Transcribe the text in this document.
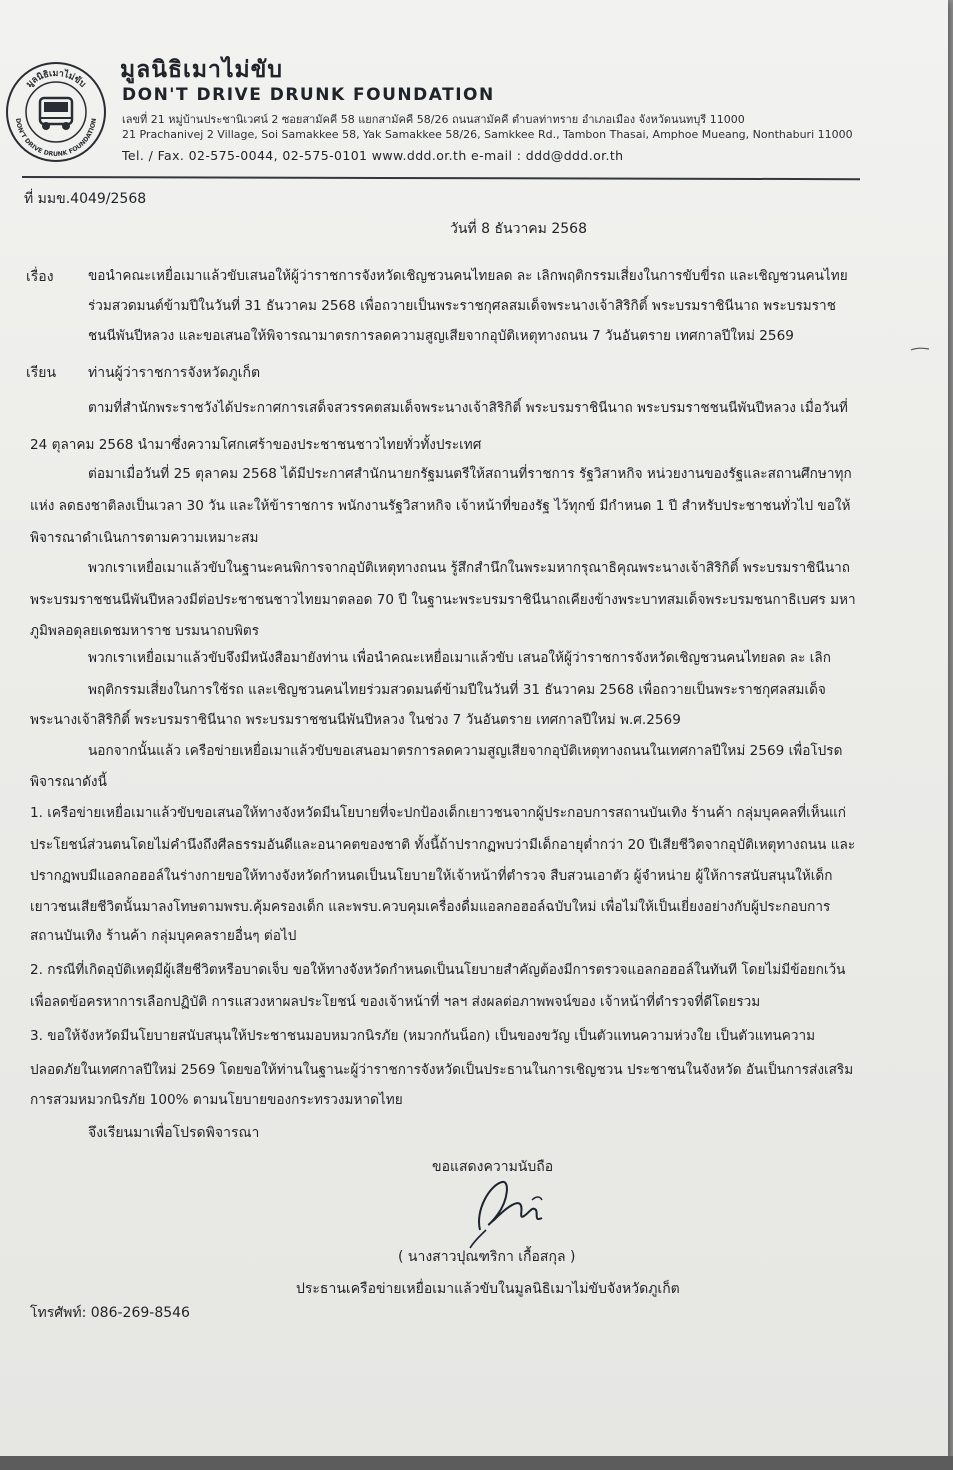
มูลนิธิเมาไม่ขับ
DON'T DRIVE DRUNK FOUNDATION
มูลนิธิเมาไม่ขับ
DON'T DRIVE DRUNK FOUNDATION
เลขที่ 21 หมู่บ้านประชานิเวศน์ 2 ซอยสามัคคี 58 แยกสามัคคี 58/26 ถนนสามัคคี ตำบลท่าทราย อำเภอเมือง จังหวัดนนทบุรี 11000
21 Prachanivej 2 Village, Soi Samakkee 58, Yak Samakkee 58/26, Samkkee Rd., Tambon Thasai, Amphoe Mueang, Nonthaburi 11000
Tel. / Fax. 02-575-0044, 02-575-0101 www.ddd.or.th e-mail : ddd@ddd.or.th
ที่ มมข.4049/2568
วันที่ 8 ธันวาคม 2568
เรื่อง	ขอนำคณะเหยื่อเมาแล้วขับเสนอให้ผู้ว่าราชการจังหวัดเชิญชวนคนไทยลด ละ เลิกพฤติกรรมเสี่ยงในการขับขี่รถ และเชิญชวนคนไทย
ร่วมสวดมนต์ข้ามปีในวันที่ 31 ธันวาคม 2568 เพื่อถวายเป็นพระราชกุศลสมเด็จพระนางเจ้าสิริกิติ์ พระบรมราชินีนาถ พระบรมราช
ชนนีพันปีหลวง และขอเสนอให้พิจารณามาตรการลดความสูญเสียจากอุบัติเหตุทางถนน 7 วันอันตราย เทศกาลปีใหม่ 2569
เรียน ท่านผู้ว่าราชการจังหวัดภูเก็ต
ตามที่สำนักพระราชวังได้ประกาศการเสด็จสวรรคตสมเด็จพระนางเจ้าสิริกิติ์ พระบรมราชินีนาถ พระบรมราชชนนีพันปีหลวง เมื่อวันที่
24 ตุลาคม 2568 นำมาซึ่งความโศกเศร้าของประชาชนชาวไทยทั่วทั้งประเทศ
ต่อมาเมื่อวันที่ 25 ตุลาคม 2568 ได้มีประกาศสำนักนายกรัฐมนตรีให้สถานที่ราชการ รัฐวิสาหกิจ หน่วยงานของรัฐและสถานศึกษาทุก
แห่ง ลดธงชาติลงเป็นเวลา 30 วัน และให้ข้าราชการ พนักงานรัฐวิสาหกิจ เจ้าหน้าที่ของรัฐ ไว้ทุกข์ มีกำหนด 1 ปี สำหรับประชาชนทั่วไป ขอให้
พิจารณาดำเนินการตามความเหมาะสม
พวกเราเหยื่อเมาแล้วขับในฐานะคนพิการจากอุบัติเหตุทางถนน รู้สึกสำนึกในพระมหากรุณาธิคุณพระนางเจ้าสิริกิติ์ พระบรมราชินีนาถ
พระบรมราชชนนีพันปีหลวงมีต่อประชาชนชาวไทยมาตลอด 70 ปี ในฐานะพระบรมราชินีนาถเคียงข้างพระบาทสมเด็จพระบรมชนกาธิเบศร มหา
ภูมิพลอดุลยเดชมหาราช บรมนาถบพิตร
พวกเราเหยื่อเมาแล้วขับจึงมีหนังสือมายังท่าน เพื่อนำคณะเหยื่อเมาแล้วขับ เสนอให้ผู้ว่าราชการจังหวัดเชิญชวนคนไทยลด ละ เลิก
พฤติกรรมเสี่ยงในการใช้รถ และเชิญชวนคนไทยร่วมสวดมนต์ข้ามปีในวันที่ 31 ธันวาคม 2568 เพื่อถวายเป็นพระราชกุศลสมเด็จ
พระนางเจ้าสิริกิติ์ พระบรมราชินีนาถ พระบรมราชชนนีพันปีหลวง ในช่วง 7 วันอันตราย เทศกาลปีใหม่ พ.ศ.2569
นอกจากนั้นแล้ว เครือข่ายเหยื่อเมาแล้วขับขอเสนอมาตรการลดความสูญเสียจากอุบัติเหตุทางถนนในเทศกาลปีใหม่ 2569 เพื่อโปรด
พิจารณาดังนี้
1. เครือข่ายเหยื่อเมาแล้วขับขอเสนอให้ทางจังหวัดมีนโยบายที่จะปกป้องเด็กเยาวชนจากผู้ประกอบการสถานบันเทิง ร้านค้า กลุ่มบุคคลที่เห็นแก่
ประโยชน์ส่วนตนโดยไม่คำนึงถึงศีลธรรมอันดีและอนาคตของชาติ ทั้งนี้ถ้าปรากฏพบว่ามีเด็กอายุต่ำกว่า 20 ปีเสียชีวิตจากอุบัติเหตุทางถนน และ
ปรากฏพบมีแอลกอฮอล์ในร่างกายขอให้ทางจังหวัดกำหนดเป็นนโยบายให้เจ้าหน้าที่ตำรวจ สืบสวนเอาตัว ผู้จำหน่าย ผู้ให้การสนับสนุนให้เด็ก
เยาวชนเสียชีวิตนั้นมาลงโทษตามพรบ.คุ้มครองเด็ก และพรบ.ควบคุมเครื่องดื่มแอลกอฮอล์ฉบับใหม่ เพื่อไม่ให้เป็นเยี่ยงอย่างกับผู้ประกอบการ
สถานบันเทิง ร้านค้า กลุ่มบุคคลรายอื่นๆ ต่อไป
2. กรณีที่เกิดอุบัติเหตุมีผู้เสียชีวิตหรือบาดเจ็บ ขอให้ทางจังหวัดกำหนดเป็นนโยบายสำคัญต้องมีการตรวจแอลกอฮอล์ในทันที โดยไม่มีข้อยกเว้น
เพื่อลดข้อครหาการเลือกปฏิบัติ การแสวงหาผลประโยชน์ ของเจ้าหน้าที่ ฯลฯ ส่งผลต่อภาพพจน์ของ เจ้าหน้าที่ตำรวจที่ดีโดยรวม
3. ขอให้จังหวัดมีนโยบายสนับสนุนให้ประชาชนมอบหมวกนิรภัย (หมวกกันน็อก) เป็นของขวัญ เป็นตัวแทนความห่วงใย เป็นตัวแทนความ
ปลอดภัยในเทศกาลปีใหม่ 2569 โดยขอให้ท่านในฐานะผู้ว่าราชการจังหวัดเป็นประธานในการเชิญชวน ประชาชนในจังหวัด อันเป็นการส่งเสริม
การสวมหมวกนิรภัย 100% ตามนโยบายของกระทรวงมหาดไทย
จึงเรียนมาเพื่อโปรดพิจารณา
ขอแสดงความนับถือ
( นางสาวปุณฑริกา เกื้อสกุล )
ประธานเครือข่ายเหยื่อเมาแล้วขับในมูลนิธิเมาไม่ขับจังหวัดภูเก็ต
โทรศัพท์: 086-269-8546
